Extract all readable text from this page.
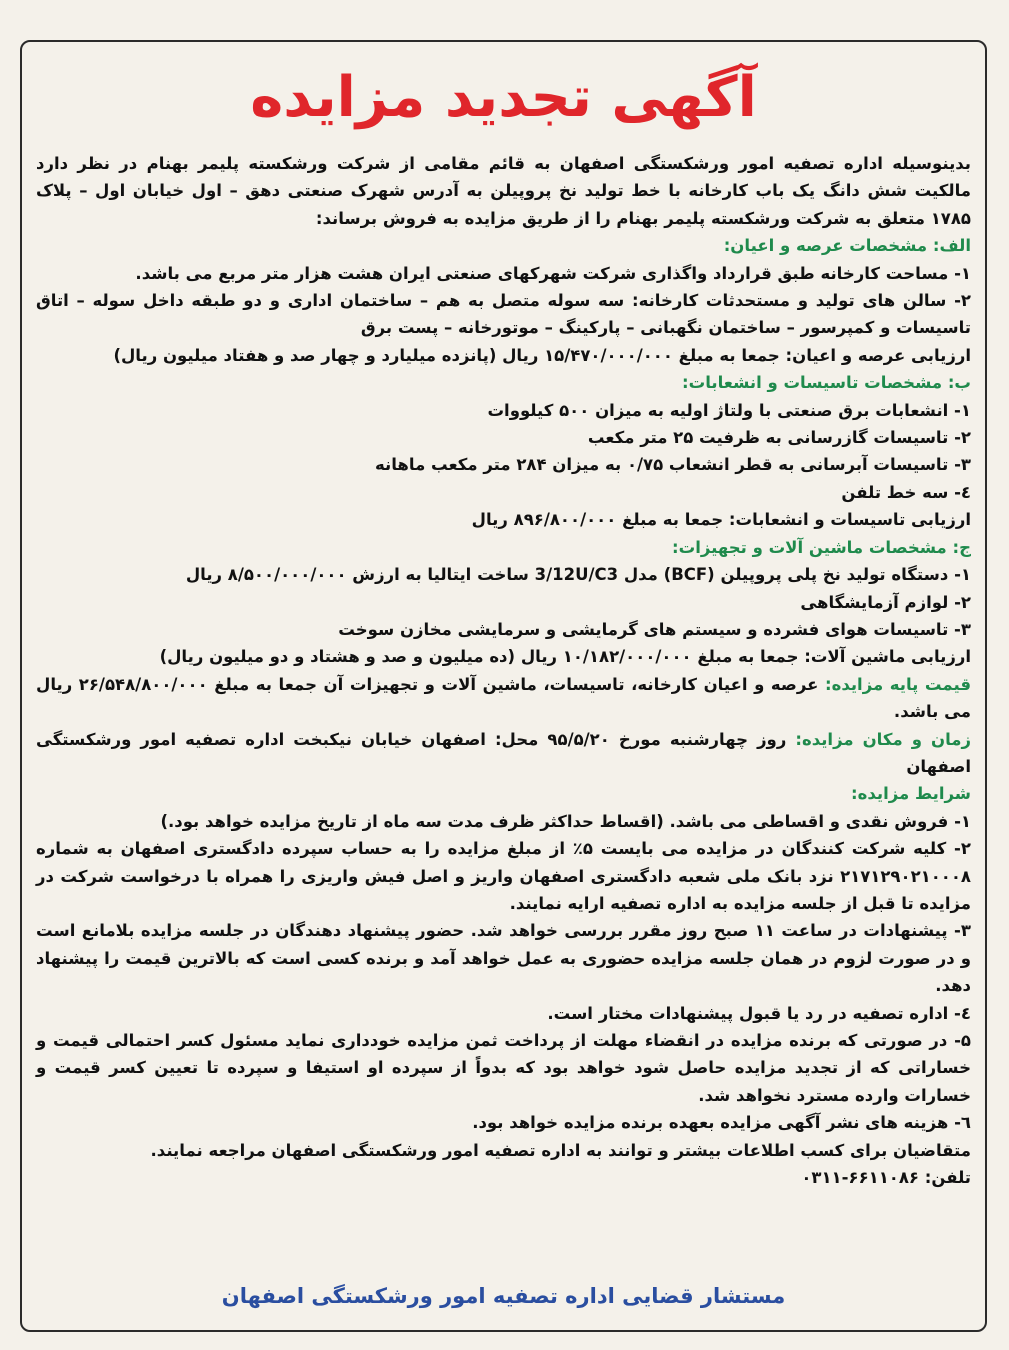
آگهی تجدید مزایده

بدینوسیله اداره تصفیه امور ورشکستگی اصفهان به قائم مقامی از شرکت ورشکسته پلیمر بهنام در نظر دارد مالکیت شش دانگ یک باب کارخانه با خط تولید نخ پروپیلن به آدرس شهرک صنعتی دهق – اول خیابان اول – پلاک ۱۷۸۵ متعلق به شرکت ورشکسته پلیمر بهنام را از طریق مزایده به فروش برساند:

الف: مشخصات عرصه و اعیان:

۱- مساحت کارخانه طبق قرارداد واگذاری شرکت شهرکهای صنعتی ایران هشت هزار متر مربع می باشد.

۲- سالن های تولید و مستحدثات کارخانه: سه سوله متصل به هم – ساختمان اداری و دو طبقه داخل سوله – اتاق تاسیسات و کمپرسور – ساختمان نگهبانی – پارکینگ – موتورخانه – پست برق

ارزیابی عرصه و اعیان: جمعا به مبلغ ۱۵/۴۷۰/۰۰۰/۰۰۰ ریال (پانزده میلیارد و چهار صد و هفتاد میلیون ریال)

ب: مشخصات تاسیسات و انشعابات:

۱- انشعابات برق صنعتی با ولتاژ اولیه به میزان ۵۰۰ کیلووات

۲- تاسیسات گازرسانی به ظرفیت ۲۵ متر مکعب

۳- تاسیسات آبرسانی به قطر انشعاب ۰/۷۵ به میزان ۲۸۴ متر مکعب ماهانه

٤- سه خط تلفن

ارزیابی تاسیسات و انشعابات: جمعا به مبلغ ۸۹۶/۸۰۰/۰۰۰ ریال

ج: مشخصات ماشین آلات و تجهیزات:

۱- دستگاه تولید نخ پلی پروپیلن (BCF) مدل 3/12U/C3 ساخت ایتالیا به ارزش ۸/۵۰۰/۰۰۰/۰۰۰ ریال

۲- لوازم آزمایشگاهی

۳- تاسیسات هوای فشرده و سیستم های گرمایشی و سرمایشی مخازن سوخت

ارزیابی ماشین آلات: جمعا به مبلغ ۱۰/۱۸۲/۰۰۰/۰۰۰ ریال (ده میلیون و صد و هشتاد و دو میلیون ریال)

قیمت پایه مزایده: عرصه و اعیان کارخانه، تاسیسات، ماشین آلات و تجهیزات آن جمعا به مبلغ ۲۶/۵۴۸/۸۰۰/۰۰۰ ریال می باشد.

زمان و مکان مزایده: روز چهارشنبه مورخ ۹۵/۵/۲۰ محل: اصفهان خیابان نیکبخت اداره تصفیه امور ورشکستگی اصفهان

شرایط مزایده:

۱- فروش نقدی و اقساطی می باشد. (اقساط حداکثر ظرف مدت سه ماه از تاریخ مزایده خواهد بود.)

۲- کلیه شرکت کنندگان در مزایده می بایست ۵٪ از مبلغ مزایده را به حساب سپرده دادگستری اصفهان به شماره ۲۱۷۱۲۹۰۲۱۰۰۰۸ نزد بانک ملی شعبه دادگستری اصفهان واریز و اصل فیش واریزی را همراه با درخواست شرکت در مزایده تا قبل از جلسه مزایده به اداره تصفیه ارایه نمایند.

۳- پیشنهادات در ساعت ۱۱ صبح روز مقرر بررسی خواهد شد. حضور پیشنهاد دهندگان در جلسه مزایده بلامانع است و در صورت لزوم در همان جلسه مزایده حضوری به عمل خواهد آمد و برنده کسی است که بالاترین قیمت را پیشنهاد دهد.

٤- اداره تصفیه در رد یا قبول پیشنهادات مختار است.

۵- در صورتی که برنده مزایده در انقضاء مهلت از پرداخت ثمن مزایده خودداری نماید مسئول کسر احتمالی قیمت و خساراتی که از تجدید مزایده حاصل شود خواهد بود که بدواً از سپرده او استیفا و سپرده تا تعیین کسر قیمت و خسارات وارده مسترد نخواهد شد.

٦- هزینه های نشر آگهی مزایده بعهده برنده مزایده خواهد بود.

متقاضیان برای کسب اطلاعات بیشتر و توانند به اداره تصفیه امور ورشکستگی اصفهان مراجعه نمایند.

تلفن: ۶۶۱۱۰۸۶-۰۳۱۱

مستشار قضایی اداره تصفیه امور ورشکستگی اصفهان
